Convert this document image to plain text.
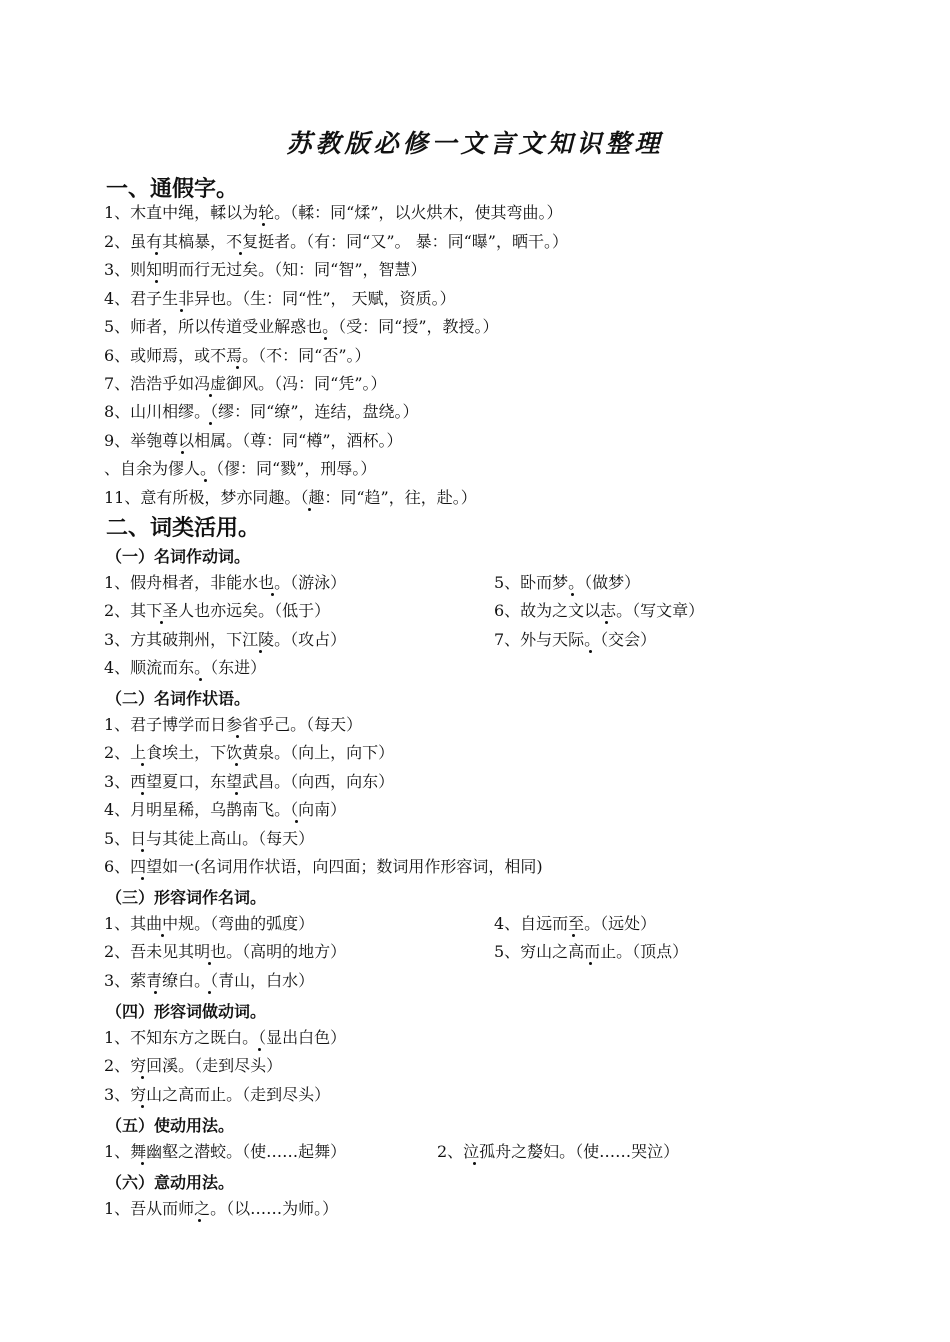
苏教版必修一文言文知识整理
一、通假字。
1、木直中绳，輮以为轮。（輮：同“煣”，以火烘木，使其弯曲。）
2、虽有其槁暴，不复挺者。（有：同“又”。 暴：同“曝”，晒干。）
3、则知明而行无过矣。（知：同“智”，智慧）
4、君子生非异也。（生：同“性”， 天赋，资质。）
5、师者，所以传道受业解惑也。（受：同“授”，教授。）
6、或师焉，或不焉。（不：同“否”。）
7、浩浩乎如冯虚御风。（冯：同“凭”。）
8、山川相缪。（缪：同“缭”，连结，盘绕。）
9、举匏尊以相属。（尊：同“樽”，酒杯。）
、自余为僇人。（僇：同“戮”，刑辱。）
11、意有所极，梦亦同趣。（趣：同“趋”，往，赴。）
二、词类活用。
（一）名词作动词。
1、假舟楫者，非能水也。（游泳）
2、其下圣人也亦远矣。（低于）
3、方其破荆州，下江陵。（攻占）
4、顺流而东。（东进）
5、卧而梦。（做梦）
6、故为之文以志。（写文章）
7、外与天际。（交会）
（二）名词作状语。
1、君子博学而日参省乎己。（每天）
2、上食埃土，下饮黄泉。（向上，向下）
3、西望夏口，东望武昌。（向西，向东）
4、月明星稀，乌鹊南飞。（向南）
5、日与其徒上高山。（每天）
6、四望如一(名词用作状语，向四面；数词用作形容词，相同)
（三）形容词作名词。
1、其曲中规。（弯曲的弧度）
2、吾未见其明也。（高明的地方）
3、萦青缭白。（青山，白水）
4、自远而至。（远处）
5、穷山之高而止。（顶点）
（四）形容词做动词。
1、不知东方之既白。（显出白色）
2、穷回溪。（走到尽头）
3、穷山之高而止。（走到尽头）
（五）使动用法。
1、舞幽壑之潜蛟。（使……起舞）	2、泣孤舟之嫠妇。（使……哭泣）
（六）意动用法。
1、吾从而师之。（以……为师。）
